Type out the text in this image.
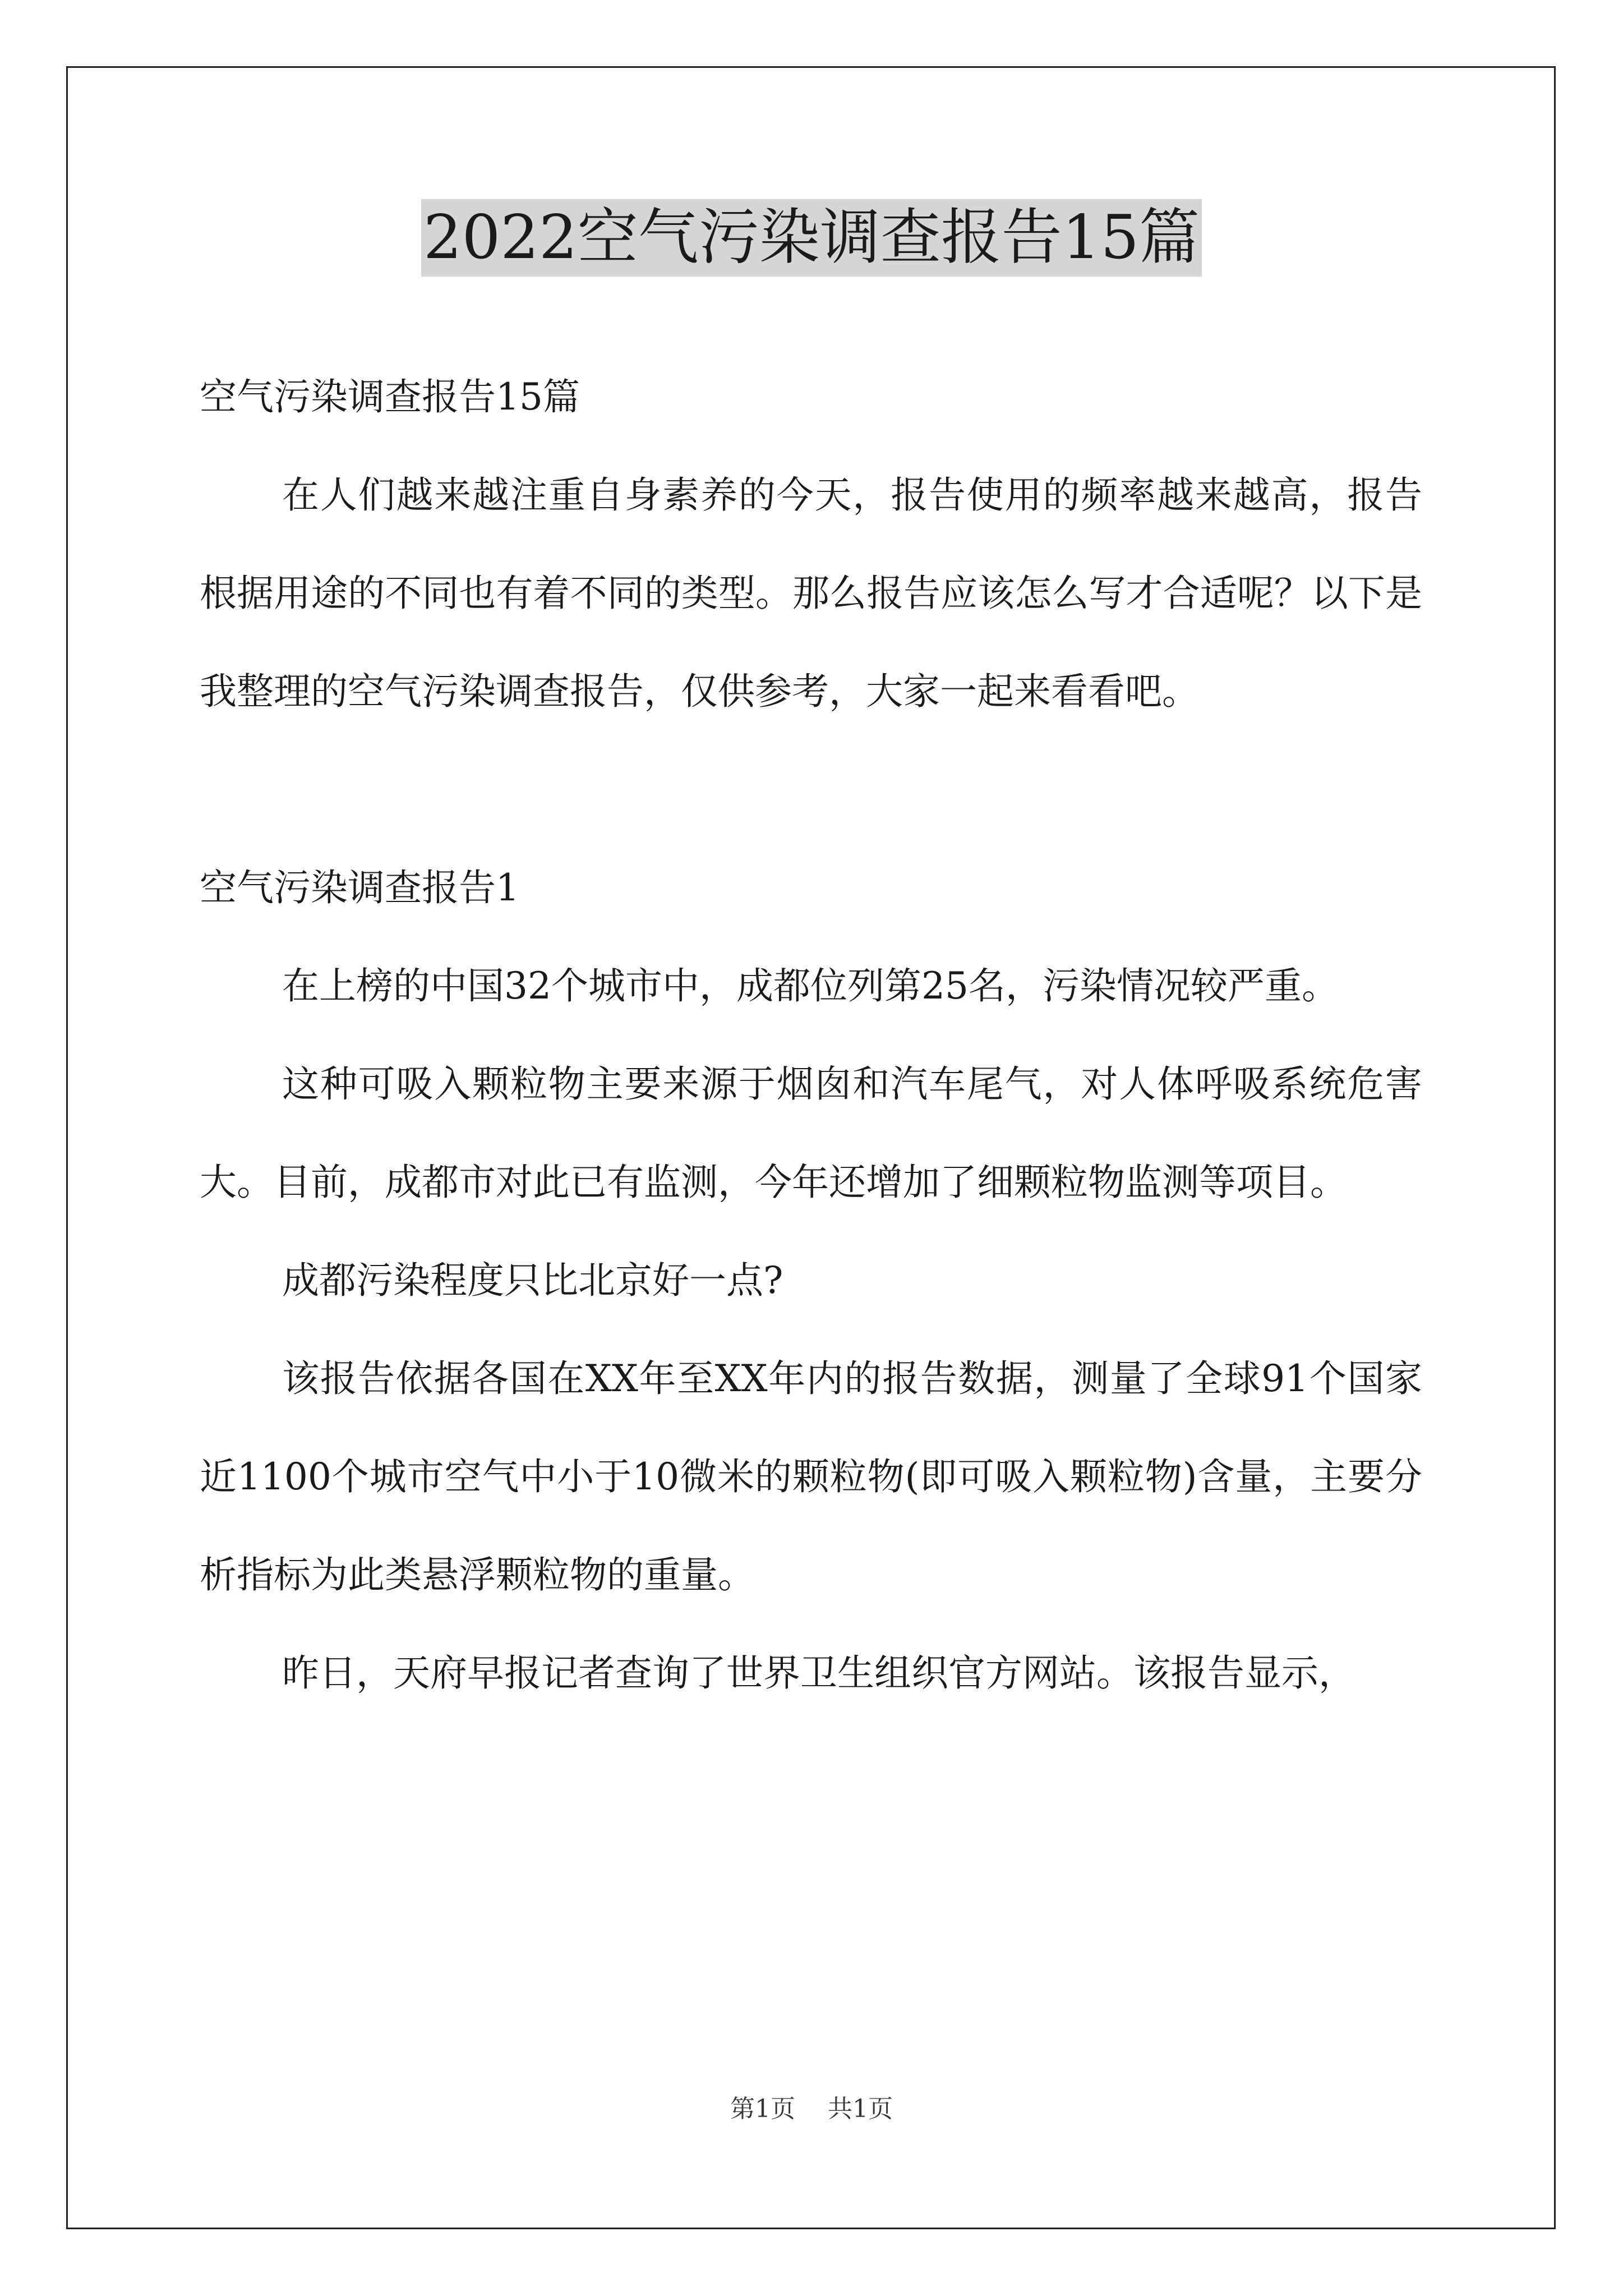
2022空气污染调查报告15篇

空气污染调查报告15篇

在人们越来越注重自身素养的今天，报告使用的频率越来越高，报告根据用途的不同也有着不同的类型。那么报告应该怎么写才合适呢？以下是我整理的空气污染调查报告，仅供参考，大家一起来看看吧。

空气污染调查报告1

在上榜的中国32个城市中，成都位列第25名，污染情况较严重。

这种可吸入颗粒物主要来源于烟囱和汽车尾气，对人体呼吸系统危害大。目前，成都市对此已有监测，今年还增加了细颗粒物监测等项目。

成都污染程度只比北京好一点?

该报告依据各国在XX年至XX年内的报告数据，测量了全球91个国家近1100个城市空气中小于10微米的颗粒物(即可吸入颗粒物)含量，主要分析指标为此类悬浮颗粒物的重量。

昨日，天府早报记者查询了世界卫生组织官方网站。该报告显示，

第1页 共1页
